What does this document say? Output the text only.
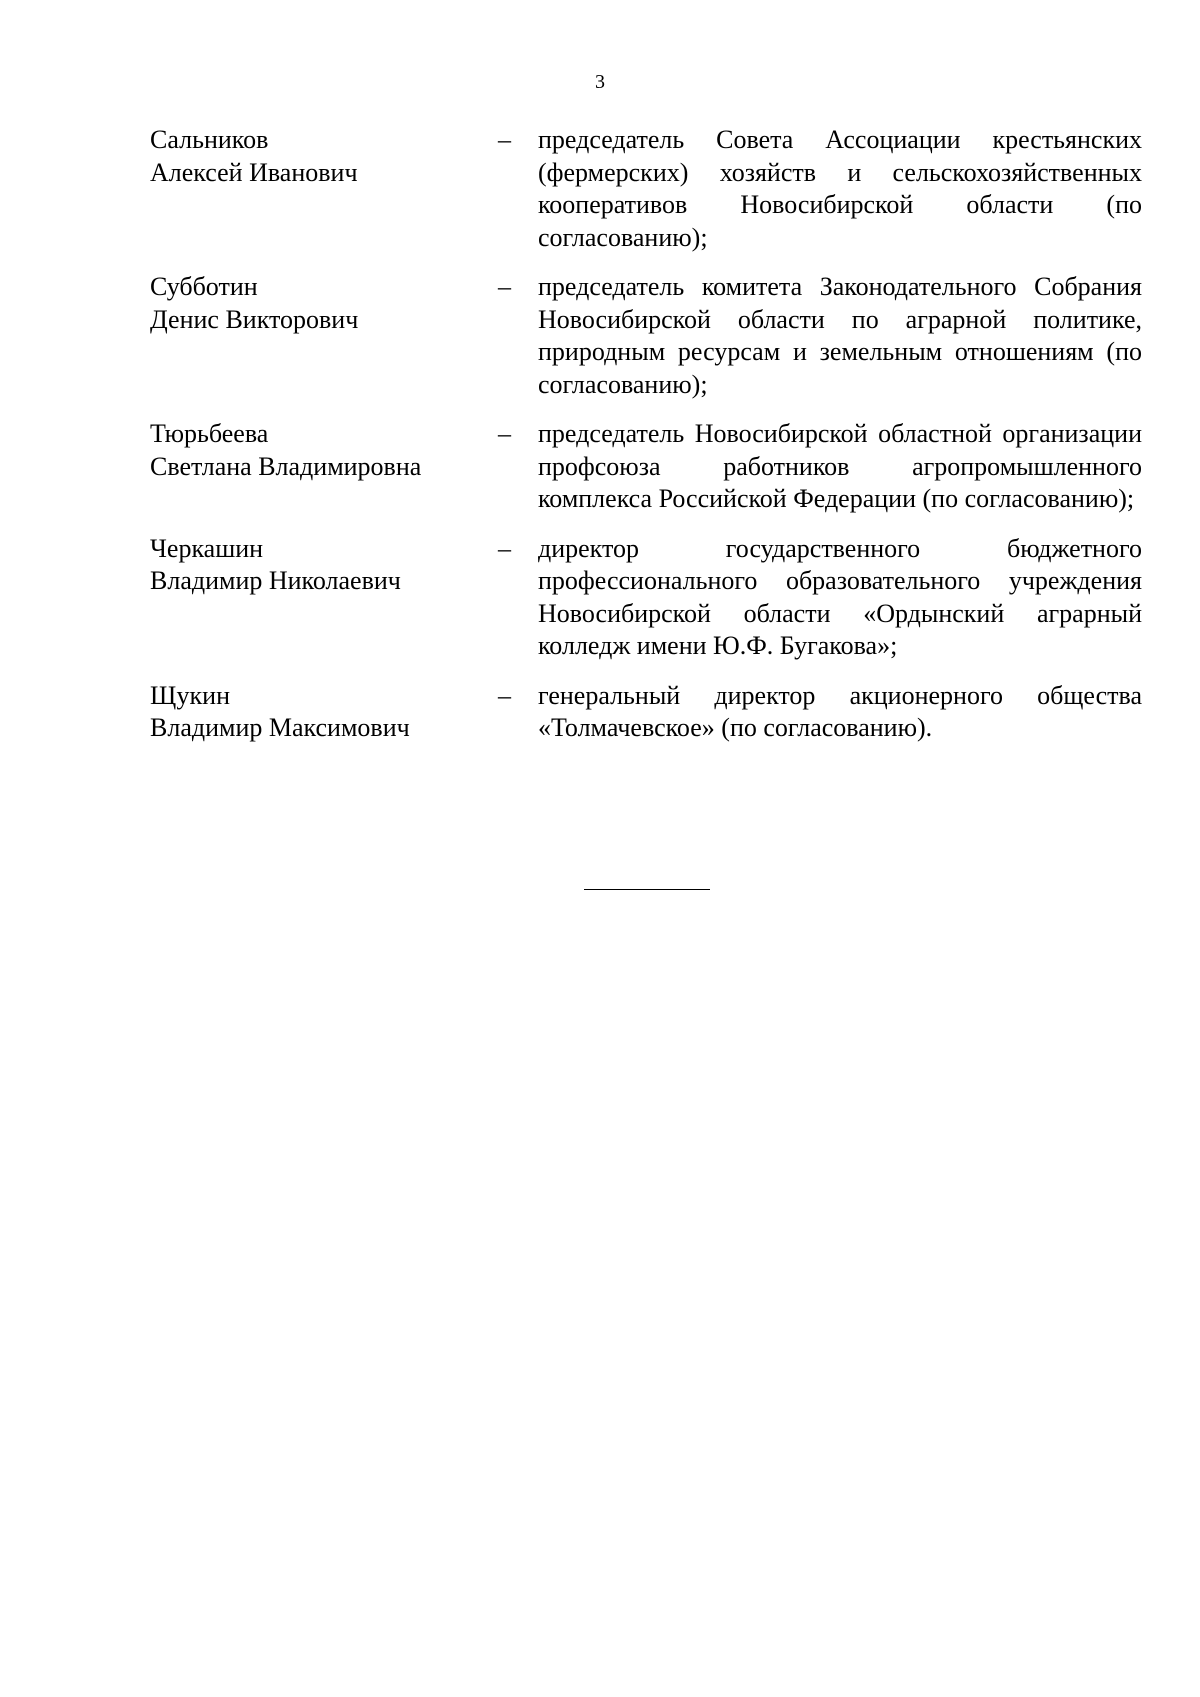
3
Сальников
Алексей Иванович
– председатель Совета Ассоциации крестьянских (фермерских) хозяйств и сельскохозяйственных кооперативов Новосибирской области (по согласованию);
Субботин
Денис Викторович
– председатель комитета Законодательного Собрания Новосибирской области по аграрной политике, природным ресурсам и земельным отношениям (по согласованию);
Тюрьбеева
Светлана Владимировна
– председатель Новосибирской областной организации профсоюза работников агропромышленного комплекса Российской Федерации (по согласованию);
Черкашин
Владимир Николаевич
– директор государственного бюджетного профессионального образовательного учреждения Новосибирской области «Ордынский аграрный колледж имени Ю.Ф. Бугакова»;
Щукин
Владимир Максимович
– генеральный директор акционерного общества «Толмачевское» (по согласованию).
